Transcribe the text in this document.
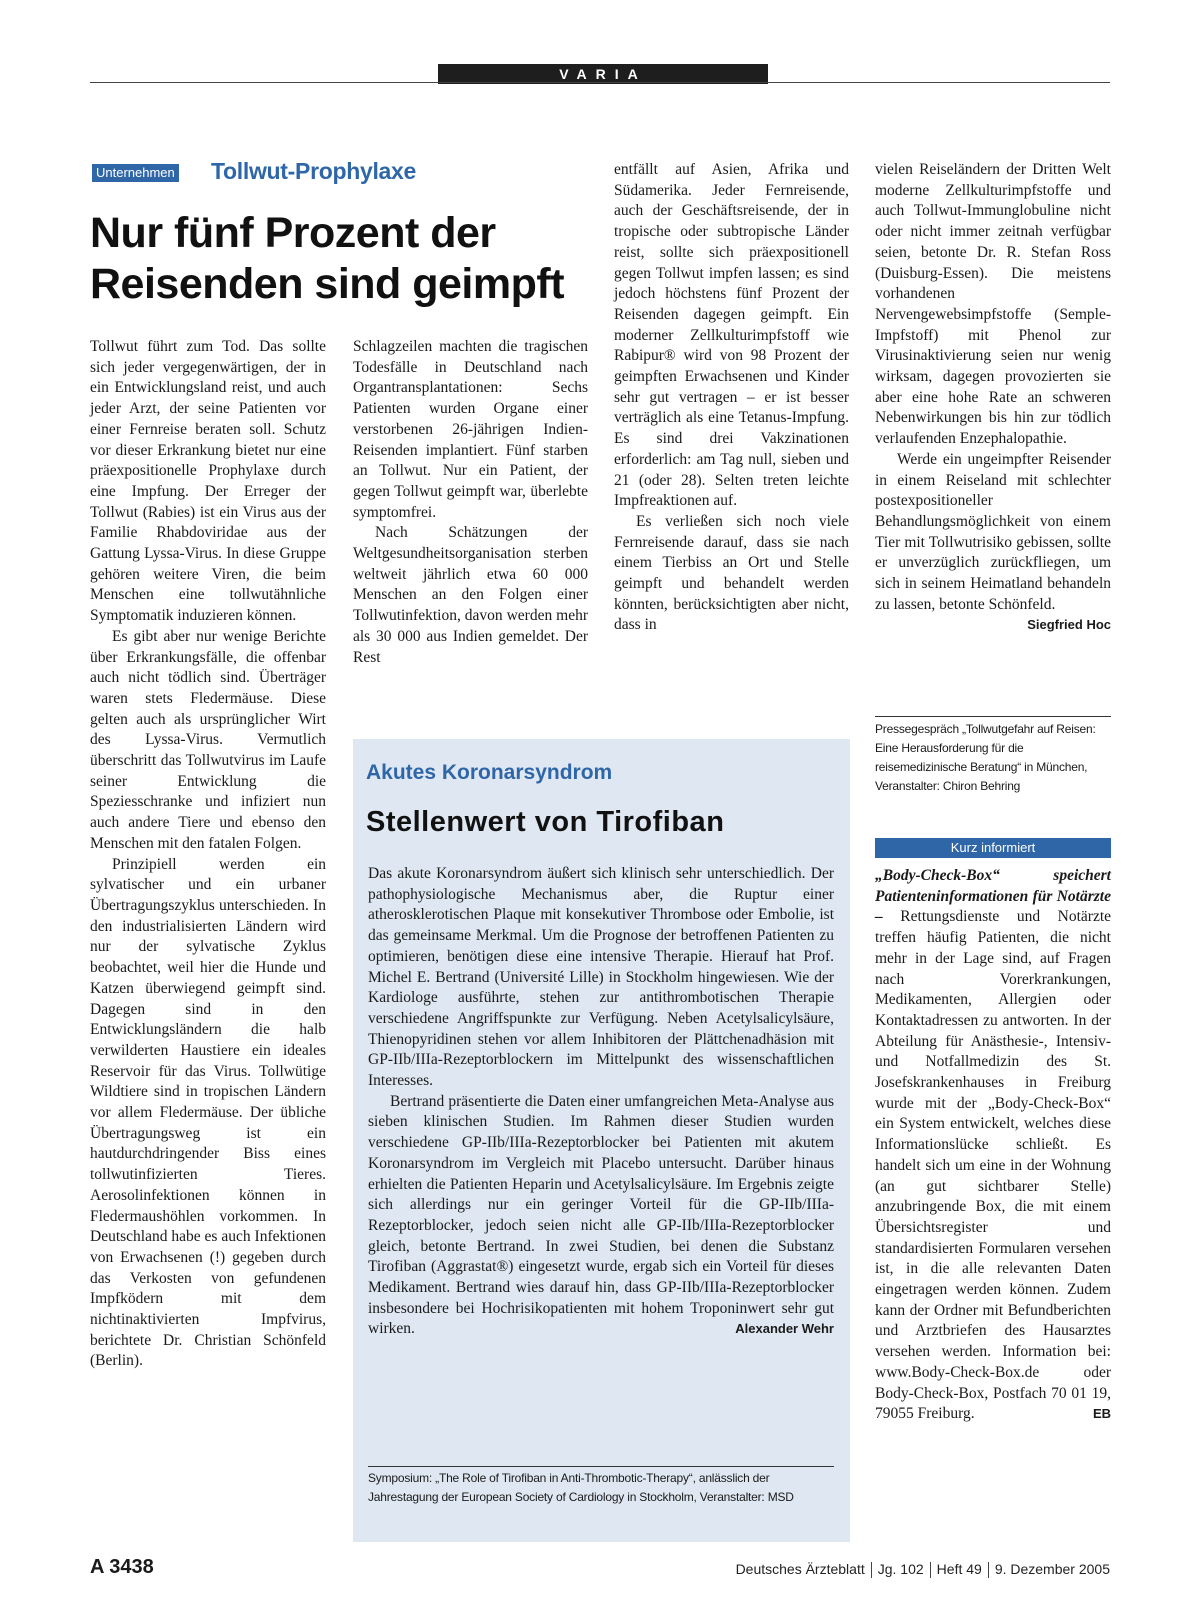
VARIA
Unternehmen Tollwut-Prophylaxe
Nur fünf Prozent der
Reisenden sind geimpft

Tollwut führt zum Tod. Das sollte sich jeder vergegenwärtigen, der in ein Entwicklungsland reist, und auch jeder Arzt, der seine Patienten vor einer Fernreise beraten soll. Schutz vor dieser Erkrankung bietet nur eine präexpositionelle Prophylaxe durch eine Impfung. Der Erreger der Tollwut (Rabies) ist ein Virus aus der Familie Rhabdoviridae aus der Gattung Lyssa-Virus. In diese Gruppe gehören weitere Viren, die beim Menschen eine tollwutähnliche Symptomatik induzieren können.

Es gibt aber nur wenige Berichte über Erkrankungsfälle, die offenbar auch nicht tödlich sind. Überträger waren stets Fledermäuse. Diese gelten auch als ursprünglicher Wirt des Lyssa-Virus. Vermutlich überschritt das Tollwutvirus im Laufe seiner Entwicklung die Speziesschranke und infiziert nun auch andere Tiere und ebenso den Menschen mit den fatalen Folgen.

Prinzipiell werden ein sylvatischer und ein urbaner Übertragungszyklus unterschieden. In den industrialisierten Ländern wird nur der sylvatische Zyklus beobachtet, weil hier die Hunde und Katzen überwiegend geimpft sind. Dagegen sind in den Entwicklungsländern die halb verwilderten Haustiere ein ideales Reservoir für das Virus. Tollwütige Wildtiere sind in tropischen Ländern vor allem Fledermäuse. Der übliche Übertragungsweg ist ein hautdurchdringender Biss eines tollwutinfizierten Tieres. Aerosolinfektionen können in Fledermaushöhlen vorkommen. In Deutschland habe es auch Infektionen von Erwachsenen (!) gegeben durch das Verkosten von gefundenen Impfködern mit dem nichtinaktivierten Impfvirus, berichtete Dr. Christian Schönfeld (Berlin).

Schlagzeilen machten die tragischen Todesfälle in Deutschland nach Organtransplantationen: Sechs Patienten wurden Organe einer verstorbenen 26-jährigen Indien-Reisenden implantiert. Fünf starben an Tollwut. Nur ein Patient, der gegen Tollwut geimpft war, überlebte symptomfrei.

Nach Schätzungen der Weltgesundheitsorganisation sterben weltweit jährlich etwa 60 000 Menschen an den Folgen einer Tollwutinfektion, davon werden mehr als 30 000 aus Indien gemeldet. Der Rest

entfällt auf Asien, Afrika und Südamerika. Jeder Fernreisende, auch der Geschäftsreisende, der in tropische oder subtropische Länder reist, sollte sich präexpositionell gegen Tollwut impfen lassen; es sind jedoch höchstens fünf Prozent der Reisenden dagegen geimpft. Ein moderner Zellkulturimpfstoff wie Rabipur® wird von 98 Prozent der geimpften Erwachsenen und Kinder sehr gut vertragen – er ist besser verträglich als eine Tetanus-Impfung. Es sind drei Vakzinationen erforderlich: am Tag null, sieben und 21 (oder 28). Selten treten leichte Impfreaktionen auf.

Es verließen sich noch viele Fernreisende darauf, dass sie nach einem Tierbiss an Ort und Stelle geimpft und behandelt werden könnten, berücksichtigten aber nicht, dass in

vielen Reiseländern der Dritten Welt moderne Zellkulturimpfstoffe und auch Tollwut-Immunglobuline nicht oder nicht immer zeitnah verfügbar seien, betonte Dr. R. Stefan Ross (Duisburg-Essen). Die meistens vorhandenen Nervengewebsimpfstoffe (Semple-Impfstoff) mit Phenol zur Virusinaktivierung seien nur wenig wirksam, dagegen provozierten sie aber eine hohe Rate an schweren Nebenwirkungen bis hin zur tödlich verlaufenden Enzephalopathie.

Werde ein ungeimpfter Reisender in einem Reiseland mit schlechter postexpositioneller Behandlungsmöglichkeit von einem Tier mit Tollwutrisiko gebissen, sollte er unverzüglich zurückfliegen, um sich in seinem Heimatland behandeln zu lassen, betonte Schönfeld.
Siegfried Hoc

Pressegespräch „Tollwutgefahr auf Reisen: Eine Herausforderung für die reisemedizinische Beratung“ in München, Veranstalter: Chiron Behring
Akutes Koronarsyndrom
Stellenwert von Tirofiban

Das akute Koronarsyndrom äußert sich klinisch sehr unterschiedlich. Der pathophysiologische Mechanismus aber, die Ruptur einer atherosklerotischen Plaque mit konsekutiver Thrombose oder Embolie, ist das gemeinsame Merkmal. Um die Prognose der betroffenen Patienten zu optimieren, benötigen diese eine intensive Therapie. Hierauf hat Prof. Michel E. Bertrand (Université Lille) in Stockholm hingewiesen. Wie der Kardiologe ausführte, stehen zur antithrombotischen Therapie verschiedene Angriffspunkte zur Verfügung. Neben Acetylsalicylsäure, Thienopyridinen stehen vor allem Inhibitoren der Plättchenadhäsion mit GP-IIb/IIIa-Rezeptorblockern im Mittelpunkt des wissenschaftlichen Interesses.

Bertrand präsentierte die Daten einer umfangreichen Meta-Analyse aus sieben klinischen Studien. Im Rahmen dieser Studien wurden verschiedene GP-IIb/IIIa-Rezeptorblocker bei Patienten mit akutem Koronarsyndrom im Vergleich mit Placebo untersucht. Darüber hinaus erhielten die Patienten Heparin und Acetylsalicylsäure. Im Ergebnis zeigte sich allerdings nur ein geringer Vorteil für die GP-IIb/IIIa-Rezeptorblocker, jedoch seien nicht alle GP-IIb/IIIa-Rezeptorblocker gleich, betonte Bertrand. In zwei Studien, bei denen die Substanz Tirofiban (Aggrastat®) eingesetzt wurde, ergab sich ein Vorteil für dieses Medikament. Bertrand wies darauf hin, dass GP-IIb/IIIa-Rezeptorblocker insbesondere bei Hochrisikopatienten mit hohem Troponinwert sehr gut wirken.	Alexander Wehr

Symposium: „The Role of Tirofiban in Anti-Thrombotic-Therapy“, anlässlich der Jahrestagung der European Society of Cardiology in Stockholm, Veranstalter: MSD
Kurz informiert

„Body-Check-Box“ speichert Patienteninformationen für Notärzte – Rettungsdienste und Notärzte treffen häufig Patienten, die nicht mehr in der Lage sind, auf Fragen nach Vorerkrankungen, Medikamenten, Allergien oder Kontaktadressen zu antworten. In der Abteilung für Anästhesie-, Intensiv- und Notfallmedizin des St. Josefskrankenhauses in Freiburg wurde mit der „Body-Check-Box“ ein System entwickelt, welches diese Informationslücke schließt. Es handelt sich um eine in der Wohnung (an gut sichtbarer Stelle) anzubringende Box, die mit einem Übersichtsregister und standardisierten Formularen versehen ist, in die alle relevanten Daten eingetragen werden können. Zudem kann der Ordner mit Befundberichten und Arztbriefen des Hausarztes versehen werden. Information bei: www.Body-Check-Box.de oder Body-Check-Box, Postfach 70 01 19, 79055 Freiburg.	EB

A 3438	Deutsches Ärzteblatt Jg. 102 Heft 49 9. Dezember 2005
